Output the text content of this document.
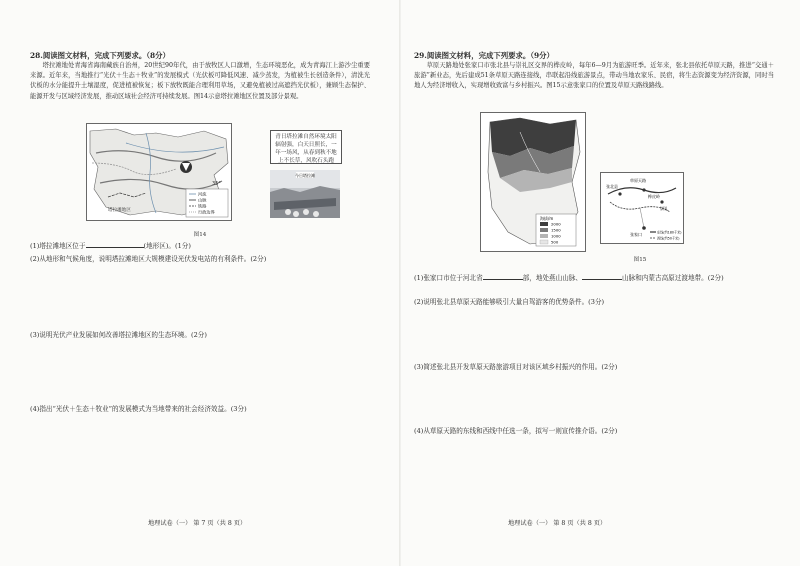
28.阅读图文材料，完成下列要求。（8分）
塔拉滩地处青海省海南藏族自治州，20世纪90年代，由于放牧区人口激增，生态环境恶化，成为青海江上游沙尘重要来源。近年来，当地推行“光伏＋生态＋牧业”的发展模式（光伏板可降低风速、减少蒸发，为植被生长创造条件），清洗光伏板的水分能提升土壤湿度，促进植被恢复；板下放牧既能合理利用草场，又避免植被过高遮挡光伏板），兼顾生态保护、能源开发与区域经济发展，推动区域社会经济可持续发展。图14示意塔拉滩地区位置及部分景观。
35°
塔拉滩地区
河流
山脉
铁路
行政边界
青日塔拉滩自然环境太阳辐射强，白天日照长，一年一场风，从春到秋不地上不长草，风吹石头跑
今日塔拉滩
图14
(1)塔拉滩地区位于	(地形区)。(1分)
(2)从地形和气候角度，说明塔拉滩地区大规模建设光伏发电站的有利条件。(2分)
(3)说明光伏产业发展如何改善塔拉滩地区的生态环境。(2分)
(4)指出“光伏＋生态＋牧业”的发展模式为当地带来的社会经济效益。(3分)
地理试卷（一） 第 7 页（共 8 页）
29.阅读图文材料，完成下列要求。（9分）
草原天路地处张家口市张北县与崇礼区交界的桦皮岭，每年6—9月为旅游旺季。近年来，张北县依托草原天路，推进“交通＋旅游”新业态，先后建成51条草原天路连接线，串联起沿线旅游景点，带动当地农家乐、民宿，将生态资源变为经济资源，同时当地人为经济增收入，实现增收致富与乡村振兴。图15示意张家口的位置及草原天路线路线。
海拔/m
2000
1500
1000
500
张北县
草原天路
张家口
崇礼
桦皮岭
东线(约180千米)
西线(约50千米)
图15
(1)张家口市位于河北省	部，地处燕山山脉、	山脉和内蒙古高原过渡地带。(2分)
(2)说明张北县草原天路能够吸引大量自驾游客的优势条件。(3分)
(3)简述张北县开发草原天路旅游项目对该区域乡村振兴的作用。(2分)
(4)从草原天路的东线和西线中任选一条，拟写一则宣传推介语。(2分)
地理试卷（一） 第 8 页（共 8 页）
